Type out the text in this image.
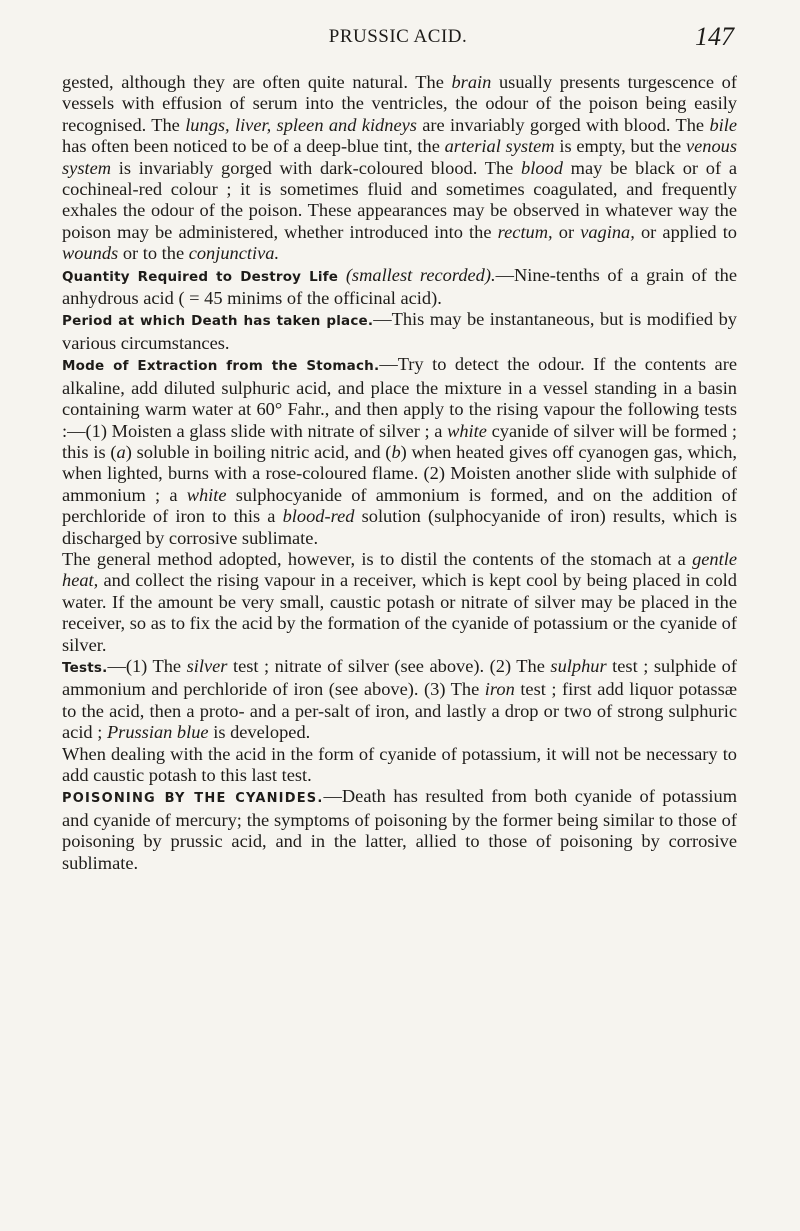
PRUSSIC ACID.	147

gested, although they are often quite natural. The brain usually presents turgescence of vessels with effusion of serum into the ventricles, the odour of the poison being easily recognised. The lungs, liver, spleen and kidneys are invariably gorged with blood. The bile has often been noticed to be of a deep-blue tint, the arterial system is empty, but the venous system is invariably gorged with dark-coloured blood. The blood may be black or of a cochineal-red colour ; it is sometimes fluid and sometimes coagulated, and frequently exhales the odour of the poison. These appearances may be observed in whatever way the poison may be administered, whether introduced into the rectum, or vagina, or applied to wounds or to the conjunctiva.

Quantity Required to Destroy Life (smallest recorded).—Nine-tenths of a grain of the anhydrous acid ( = 45 minims of the officinal acid).

Period at which Death has taken place.—This may be instantaneous, but is modified by various circumstances.

Mode of Extraction from the Stomach.—Try to detect the odour. If the contents are alkaline, add diluted sulphuric acid, and place the mixture in a vessel standing in a basin containing warm water at 60° Fahr., and then apply to the rising vapour the following tests :—(1) Moisten a glass slide with nitrate of silver ; a white cyanide of silver will be formed ; this is (a) soluble in boiling nitric acid, and (b) when heated gives off cyanogen gas, which, when lighted, burns with a rose-coloured flame. (2) Moisten another slide with sulphide of ammonium ; a white sulphocyanide of ammonium is formed, and on the addition of perchloride of iron to this a blood-red solution (sulphocyanide of iron) results, which is discharged by corrosive sublimate.

The general method adopted, however, is to distil the contents of the stomach at a gentle heat, and collect the rising vapour in a receiver, which is kept cool by being placed in cold water. If the amount be very small, caustic potash or nitrate of silver may be placed in the receiver, so as to fix the acid by the formation of the cyanide of potassium or the cyanide of silver.

Tests.—(1) The silver test ; nitrate of silver (see above). (2) The sulphur test ; sulphide of ammonium and perchloride of iron (see above). (3) The iron test ; first add liquor potassæ to the acid, then a proto- and a per-salt of iron, and lastly a drop or two of strong sulphuric acid ; Prussian blue is developed.

When dealing with the acid in the form of cyanide of potassium, it will not be necessary to add caustic potash to this last test.

POISONING BY THE CYANIDES.—Death has resulted from both cyanide of potassium and cyanide of mercury; the symptoms of poisoning by the former being similar to those of poisoning by prussic acid, and in the latter, allied to those of poisoning by corrosive sublimate.
